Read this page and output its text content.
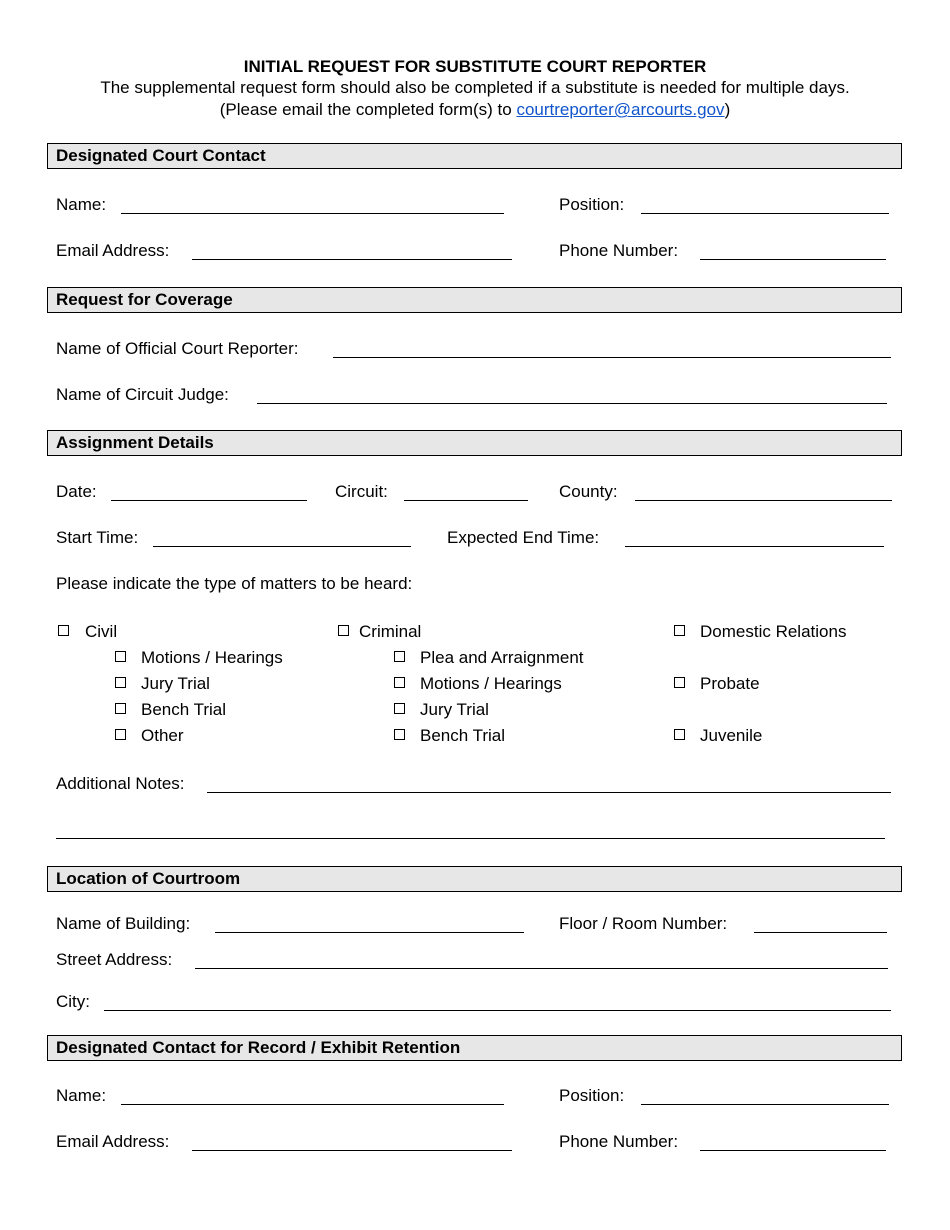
INITIAL REQUEST FOR SUBSTITUTE COURT REPORTER
The supplemental request form should also be completed if a substitute is needed for multiple days.
(Please email the completed form(s) to courtreporter@arcourts.gov)
Designated Court Contact
Name:	Position:
Email Address:	Phone Number:
Request for Coverage
Name of Official Court Reporter:
Name of Circuit Judge:
Assignment Details
Date:	Circuit:	County:
Start Time:	Expected End Time:
Please indicate the type of matters to be heard:
Civil
Motions / Hearings
Jury Trial
Bench Trial
Other
Criminal
Plea and Arraignment
Motions / Hearings
Jury Trial
Bench Trial
Domestic Relations
Probate
Juvenile
Additional Notes:
Location of Courtroom
Name of Building:	Floor / Room Number:
Street Address:
City:
Designated Contact for Record / Exhibit Retention
Name:	Position:
Email Address:	Phone Number:
